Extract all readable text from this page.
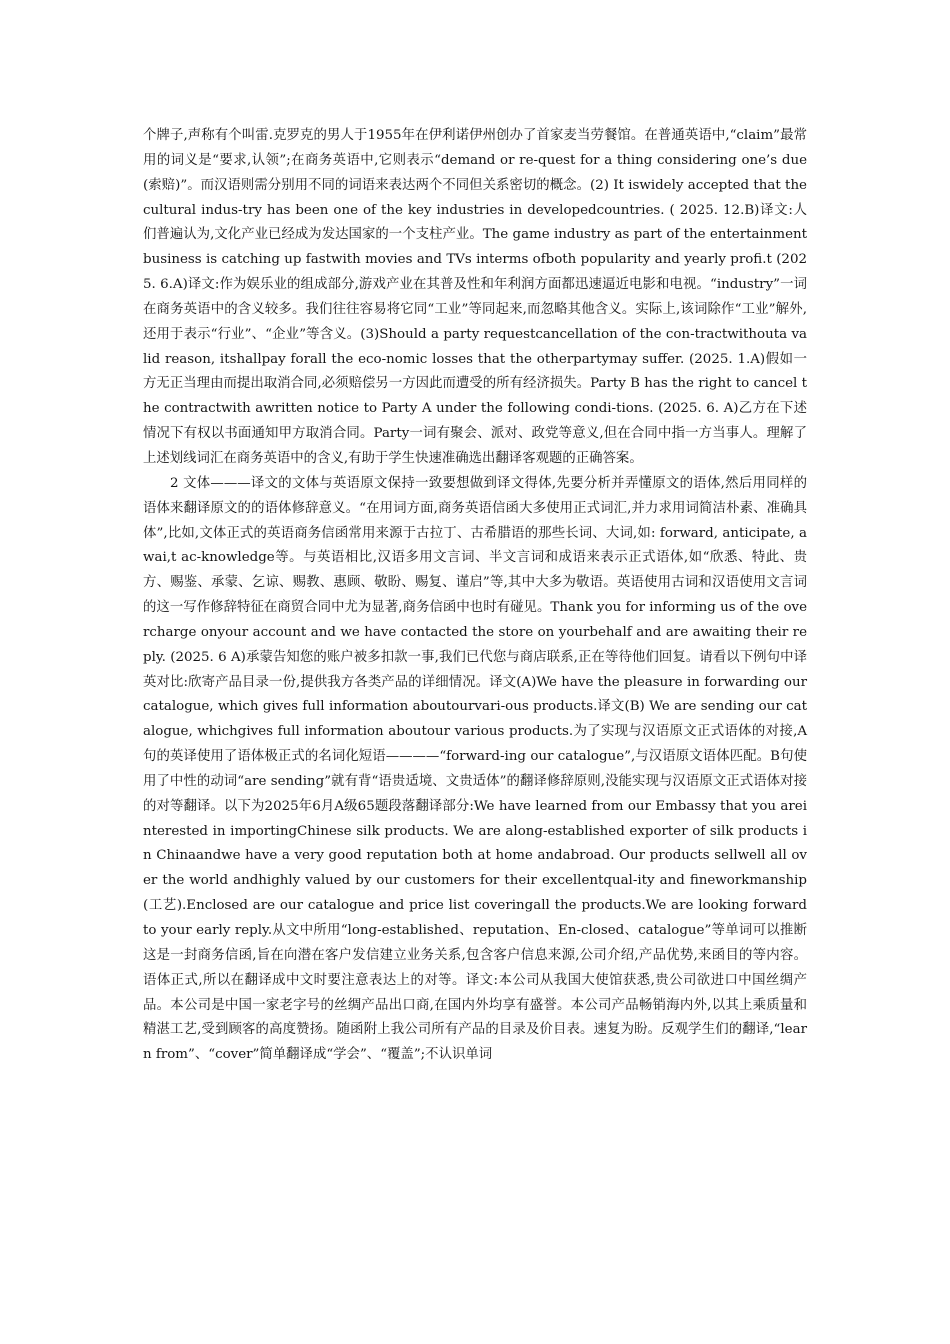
个牌子,声称有个叫雷.克罗克的男人于1955年在伊利诺伊州创办了首家麦当劳餐馆。在普通英语中,“claim”最常用的词义是“要求,认领”;在商务英语中,它则表示“demand or re-quest for a thing considering one’s due (索赔)”。而汉语则需分别用不同的词语来表达两个不同但关系密切的概念。(2) It iswidely accepted that the cultural indus-try has been one of the key industries in developedcountries. ( 2025. 12.B)译文:人们普遍认为,文化产业已经成为发达国家的一个支柱产业。The game industry as part of the entertainmentbusiness is catching up fastwith movies and TVs interms ofboth popularity and yearly profi.t (2025. 6.A)译文:作为娱乐业的组成部分,游戏产业在其普及性和年利润方面都迅速逼近电影和电视。“industry”一词在商务英语中的含义较多。我们往往容易将它同“工业”等同起来,而忽略其他含义。实际上,该词除作“工业”解外,还用于表示“行业”、“企业”等含义。(3)Should a party requestcancellation of the con-tractwithouta valid reason, itshallpay forall the eco-nomic losses that the otherpartymay suffer. (2025. 1.A)假如一方无正当理由而提出取消合同,必须赔偿另一方因此而遭受的所有经济损失。Party B has the right to cancel the contractwith awritten notice to Party A under the following condi-tions. (2025. 6. A)乙方在下述情况下有权以书面通知甲方取消合同。Party一词有聚会、派对、政党等意义,但在合同中指一方当事人。理解了上述划线词汇在商务英语中的含义,有助于学生快速准确选出翻译客观题的正确答案。

2 文体———译文的文体与英语原文保持一致要想做到译文得体,先要分析并弄懂原文的语体,然后用同样的语体来翻译原文的的语体修辞意义。“在用词方面,商务英语信函大多使用正式词汇,并力求用词简洁朴素、准确具体”,比如,文体正式的英语商务信函常用来源于古拉丁、古希腊语的那些长词、大词,如: forward, anticipate, awai,t ac-knowledge等。与英语相比,汉语多用文言词、半文言词和成语来表示正式语体,如“欣悉、特此、贵方、赐鉴、承蒙、乞谅、赐教、惠顾、敬盼、赐复、谨启”等,其中大多为敬语。英语使用古词和汉语使用文言词的这一写作修辞特征在商贸合同中尤为显著,商务信函中也时有碰见。Thank you for informing us of the overcharge onyour account and we have contacted the store on yourbehalf and are awaiting their reply. (2025. 6 A)承蒙告知您的账户被多扣款一事,我们已代您与商店联系,正在等待他们回复。请看以下例句中译英对比:欣寄产品目录一份,提供我方各类产品的详细情况。译文(A)We have the pleasure in forwarding ourcatalogue, which gives full information aboutourvari-ous products.译文(B) We are sending our catalogue, whichgives full information aboutour various products.为了实现与汉语原文正式语体的对接,A句的英译使用了语体极正式的名词化短语————“forward-ing our catalogue”,与汉语原文语体匹配。B句使用了中性的动词“are sending”就有背“语贵适境、文贵适体”的翻译修辞原则,没能实现与汉语原文正式语体对接的对等翻译。以下为2025年6月A级65题段落翻译部分:We have learned from our Embassy that you areinterested in importingChinese silk products. We are along-established exporter of silk products in Chinaandwe have a very good reputation both at home andabroad. Our products sellwell all over the world andhighly valued by our customers for their excellentqual-ity and fineworkmanship(工艺).Enclosed are our catalogue and price list coveringall the products.We are looking forward to your early reply.从文中所用“long-established、reputation、En-closed、catalogue”等单词可以推断这是一封商务信函,旨在向潜在客户发信建立业务关系,包含客户信息来源,公司介绍,产品优势,来函目的等内容。语体正式,所以在翻译成中文时要注意表达上的对等。译文:本公司从我国大使馆获悉,贵公司欲进口中国丝绸产品。本公司是中国一家老字号的丝绸产品出口商,在国内外均享有盛誉。本公司产品畅销海内外,以其上乘质量和精湛工艺,受到顾客的高度赞扬。随函附上我公司所有产品的目录及价目表。速复为盼。反观学生们的翻译,“learn from”、“cover”简单翻译成“学会”、“覆盖”;不认识单词
